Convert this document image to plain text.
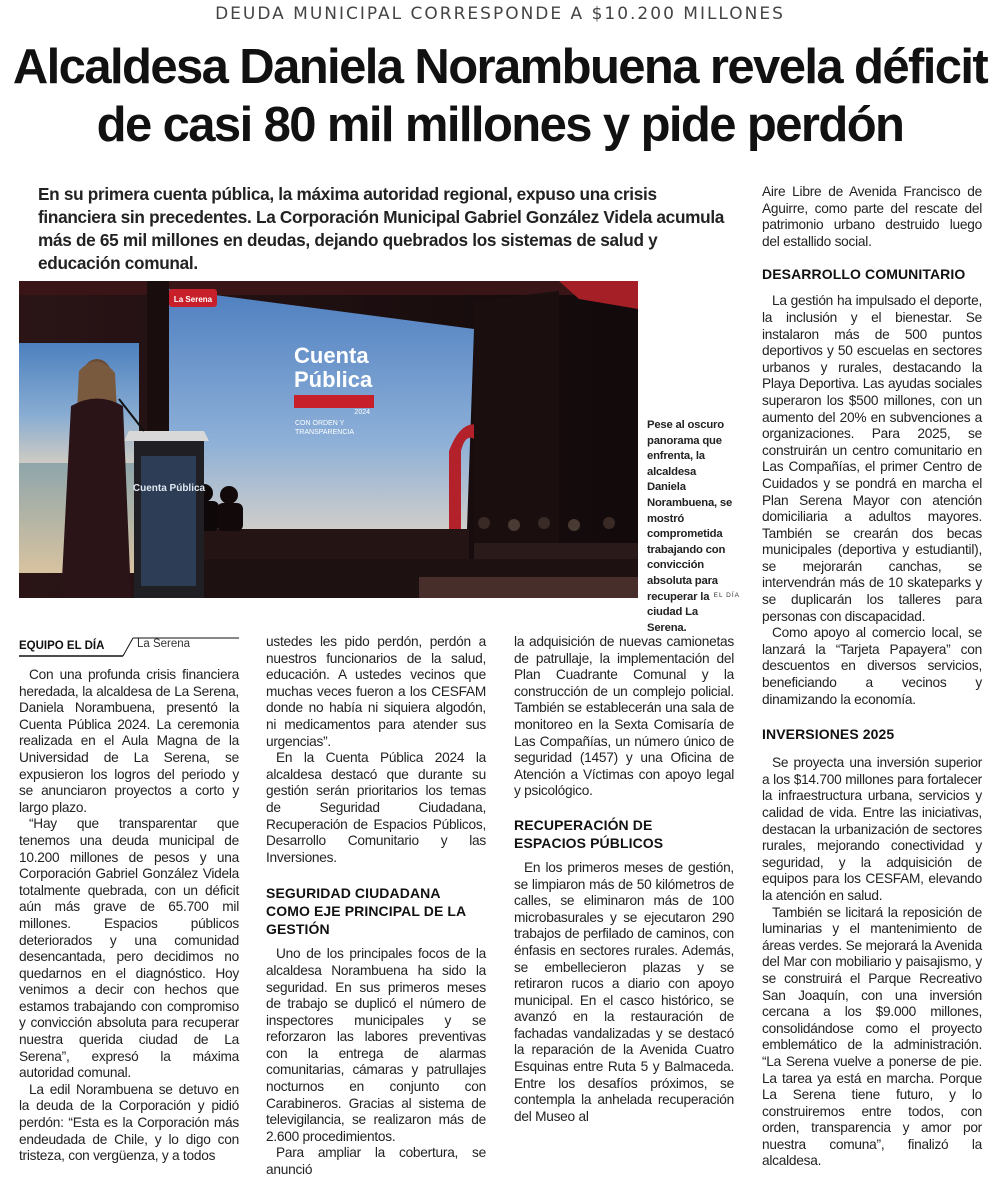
DEUDA MUNICIPAL CORRESPONDE A $10.200 MILLONES
Alcaldesa Daniela Norambuena revela déficit
de casi 80 mil millones y pide perdón

En su primera cuenta pública, la máxima autoridad regional, expuso una crisis financiera sin precedentes. La Corporación Municipal Gabriel González Videla acumula más de 65 mil millones en deudas, dejando quebrados los sistemas de salud y educación comunal.

La Serena
Cuenta
Pública
2024
CON ORDEN Y
TRANSPARENCIA
Cuenta Pública

Pese al oscuro panorama que enfrenta, la alcaldesa Daniela Norambuena, se mostró comprometida trabajando con convicción absoluta para recuperar la ciudad La Serena.

EL DÍA
EQUIPO EL DÍA	La Serena

Con una profunda crisis financiera heredada, la alcaldesa de La Serena, Daniela Norambuena, presentó la Cuenta Pública 2024. La ceremonia realizada en el Aula Magna de la Universidad de La Serena, se expusieron los logros del periodo y se anunciaron proyectos a corto y largo plazo.

“Hay que transparentar que tenemos una deuda municipal de 10.200 millones de pesos y una Corporación Gabriel González Videla totalmente quebrada, con un déficit aún más grave de 65.700 mil millones. Espacios públicos deteriorados y una comunidad desencantada, pero decidimos no quedarnos en el diagnóstico. Hoy venimos a decir con hechos que estamos trabajando con compromiso y convicción absoluta para recuperar nuestra querida ciudad de La Serena”, expresó la máxima autoridad comunal.

La edil Norambuena se detuvo en la deuda de la Corporación y pidió perdón: “Esta es la Corporación más endeudada de Chile, y lo digo con tristeza, con vergüenza, y a todos

ustedes les pido perdón, perdón a nuestros funcionarios de la salud, educación. A ustedes vecinos que muchas veces fueron a los CESFAM donde no había ni siquiera algodón, ni medicamentos para atender sus urgencias”.

En la Cuenta Pública 2024 la alcaldesa destacó que durante su gestión serán prioritarios los temas de Seguridad Ciudadana, Recuperación de Espacios Públicos, Desarrollo Comunitario y las Inversiones.

SEGURIDAD CIUDADANA COMO EJE PRINCIPAL DE LA GESTIÓN

Uno de los principales focos de la alcaldesa Norambuena ha sido la seguridad. En sus primeros meses de trabajo se duplicó el número de inspectores municipales y se reforzaron las labores preventivas con la entrega de alarmas comunitarias, cámaras y patrullajes nocturnos en conjunto con Carabineros. Gracias al sistema de televigilancia, se realizaron más de 2.600 procedimientos.

Para ampliar la cobertura, se anunció

la adquisición de nuevas camionetas de patrullaje, la implementación del Plan Cuadrante Comunal y la construcción de un complejo policial. También se establecerán una sala de monitoreo en la Sexta Comisaría de Las Compañías, un número único de seguridad (1457) y una Oficina de Atención a Víctimas con apoyo legal y psicológico.

RECUPERACIÓN DE ESPACIOS PÚBLICOS

En los primeros meses de gestión, se limpiaron más de 50 kilómetros de calles, se eliminaron más de 100 microbasurales y se ejecutaron 290 trabajos de perfilado de caminos, con énfasis en sectores rurales. Además, se embellecieron plazas y se retiraron rucos a diario con apoyo municipal. En el casco histórico, se avanzó en la restauración de fachadas vandalizadas y se destacó la reparación de la Avenida Cuatro Esquinas entre Ruta 5 y Balmaceda. Entre los desafíos próximos, se contempla la anhelada recuperación del Museo al

Aire Libre de Avenida Francisco de Aguirre, como parte del rescate del patrimonio urbano destruido luego del estallido social.

DESARROLLO COMUNITARIO

La gestión ha impulsado el deporte, la inclusión y el bienestar. Se instalaron más de 500 puntos deportivos y 50 escuelas en sectores urbanos y rurales, destacando la Playa Deportiva. Las ayudas sociales superaron los $500 millones, con un aumento del 20% en subvenciones a organizaciones. Para 2025, se construirán un centro comunitario en Las Compañías, el primer Centro de Cuidados y se pondrá en marcha el Plan Serena Mayor con atención domiciliaria a adultos mayores. También se crearán dos becas municipales (deportiva y estudiantil), se mejorarán canchas, se intervendrán más de 10 skateparks y se duplicarán los talleres para personas con discapacidad.

Como apoyo al comercio local, se lanzará la “Tarjeta Papayera” con descuentos en diversos servicios, beneficiando a vecinos y dinamizando la economía.

INVERSIONES 2025

Se proyecta una inversión superior a los $14.700 millones para fortalecer la infraestructura urbana, servicios y calidad de vida. Entre las iniciativas, destacan la urbanización de sectores rurales, mejorando conectividad y seguridad, y la adquisición de equipos para los CESFAM, elevando la atención en salud.

También se licitará la reposición de luminarias y el mantenimiento de áreas verdes. Se mejorará la Avenida del Mar con mobiliario y paisajismo, y se construirá el Parque Recreativo San Joaquín, con una inversión cercana a los $9.000 millones, consolidándose como el proyecto emblemático de la administración. “La Serena vuelve a ponerse de pie. La tarea ya está en marcha. Porque La Serena tiene futuro, y lo construiremos entre todos, con orden, transparencia y amor por nuestra comuna”, finalizó la alcaldesa.
